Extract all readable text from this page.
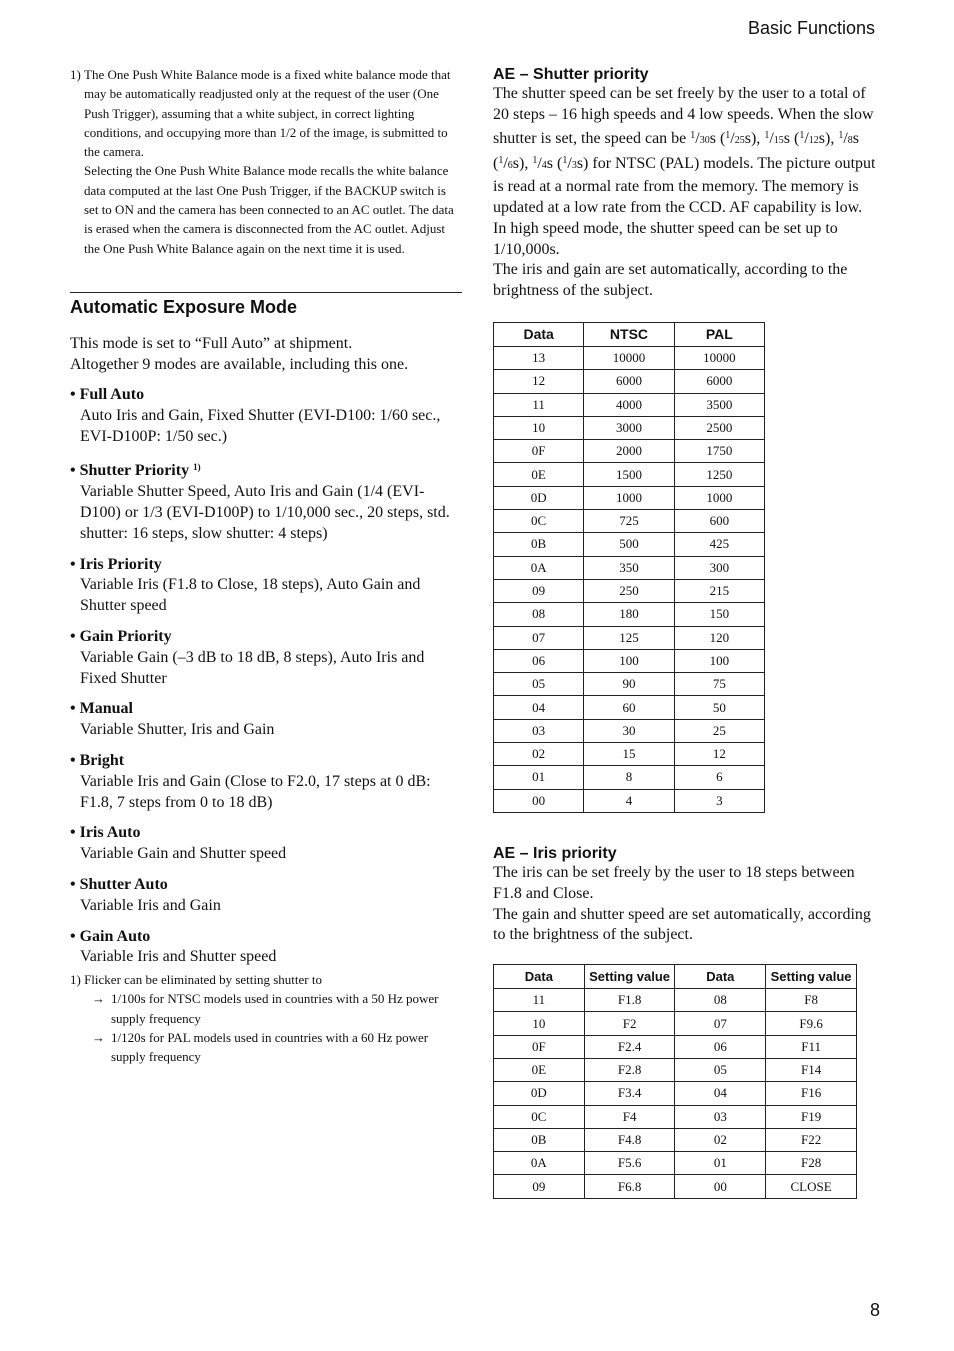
Basic Functions
1) The One Push White Balance mode is a fixed white balance mode that may be automatically readjusted only at the request of the user (One Push Trigger), assuming that a white subject, in correct lighting conditions, and occupying more than 1/2 of the image, is submitted to the camera.

Selecting the One Push White Balance mode recalls the white balance data computed at the last One Push Trigger, if the BACKUP switch is set to ON and the camera has been connected to an AC outlet. The data is erased when the camera is disconnected from the AC outlet. Adjust the One Push White Balance again on the next time it is used.

Automatic Exposure Mode

This mode is set to “Full Auto” at shipment.
Altogether 9 modes are available, including this one.

• Full Auto
Auto Iris and Gain, Fixed Shutter (EVI-D100: 1/60 sec., EVI-D100P: 1/50 sec.)
• Shutter Priority $^{1)}$
Variable Shutter Speed, Auto Iris and Gain (1/4 (EVI-D100) or 1/3 (EVI-D100P) to 1/10,000 sec., 20 steps, std. shutter: 16 steps, slow shutter: 4 steps)
• Iris Priority
Variable Iris (F1.8 to Close, 18 steps), Auto Gain and Shutter speed
• Gain Priority
Variable Gain (–3 dB to 18 dB, 8 steps), Auto Iris and Fixed Shutter
• Manual
Variable Shutter, Iris and Gain
• Bright
Variable Iris and Gain (Close to F2.0, 17 steps at 0 dB: F1.8, 7 steps from 0 to 18 dB)
• Iris Auto
Variable Gain and Shutter speed
• Shutter Auto
Variable Iris and Gain
• Gain Auto
Variable Iris and Shutter speed
1) Flicker can be eliminated by setting shutter to
→ 1/100s for NTSC models used in countries with a 50 Hz power supply frequency
→ 1/120s for PAL models used in countries with a 60 Hz power supply frequency
AE – Shutter priority

The shutter speed can be set freely by the user to a total of 20 steps – 16 high speeds and 4 low speeds. When the slow shutter is set, the speed can be $^1$/30s ($^1$/25s), $^1$/15s ($^1$/12s), $^1$/8s ($^1$/6s), $^1$/4s ($^1$/3s) for NTSC (PAL) models. The picture output is read at a normal rate from the memory. The memory is updated at a low rate from the CCD. AF capability is low.

In high speed mode, the shutter speed can be set up to 1/10,000s.

The iris and gain are set automatically, according to the brightness of the subject.

Data	NTSC	PAL
13	10000	10000
12	6000	6000
11	4000	3500
10	3000	2500
0F	2000	1750
0E	1500	1250
0D	1000	1000
0C	725	600
0B	500	425
0A	350	300
09	250	215
08	180	150
07	125	120
06	100	100
05	90	75
04	60	50
03	30	25
02	15	12
01	8	6
00	4	3
AE – Iris priority

The iris can be set freely by the user to 18 steps between F1.8 and Close.

The gain and shutter speed are set automatically, according to the brightness of the subject.

Data	Setting value	Data	Setting value
11	F1.8	08	F8
10	F2	07	F9.6
0F	F2.4	06	F11
0E	F2.8	05	F14
0D	F3.4	04	F16
0C	F4	03	F19
0B	F4.8	02	F22
0A	F5.6	01	F28
09	F6.8	00	CLOSE
8
